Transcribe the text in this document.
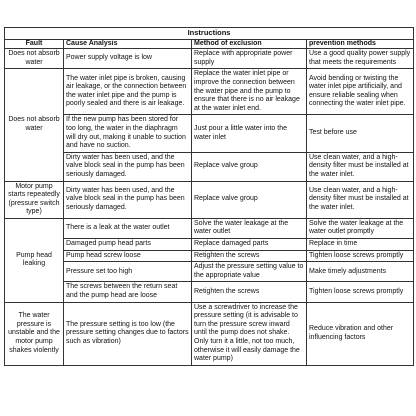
Instructions			
Fault	Cause Analysis	Method of exclusion	prevention methods
Does not absorb water	Power supply voltage is low	Replace with appropriate power supply	Use a good quality power supply that meets the requirements
Does not absorb water	The water inlet pipe is broken, causing air leakage, or the connection between the water inlet pipe and the pump is poorly sealed and there is air leakage.	Replace the water inlet pipe or improve the connection between the water pipe and the pump to ensure that there is no air leakage at the water inlet end.	Avoid bending or twisting the water inlet pipe artificially, and ensure reliable sealing when connecting the water inlet pipe.
	If the new pump has been stored for too long, the water in the diaphragm will dry out, making it unable to suction and have no suction.	Just pour a little water into the water inlet	Test before use
	Dirty water has been used, and the valve block seal in the pump has been seriously damaged.	Replace valve group	Use clean water, and a high-density filter must be installed at the water inlet.
Motor pump starts repeatedly (pressure switch type)	Dirty water has been used, and the valve block seal in the pump has been seriously damaged.	Replace valve group	Use clean water, and a high-density filter must be installed at the water inlet.
Pump head leaking	There is a leak at the water outlet	Solve the water leakage at the water outlet	Solve the water leakage at the water outlet promptly
	Damaged pump head parts	Replace damaged parts	Replace in time
	Pump head screw loose	Retighten the screws	Tighten loose screws promptly
	Pressure set too high	Adjust the pressure setting value to the appropriate value	Make timely adjustments
	The screws between the return seat and the pump head are loose	Retighten the screws	Tighten loose screws promptly
The water pressure is unstable and the motor pump shakes violently	The pressure setting is too low (the pressure setting changes due to factors such as vibration)	Use a screwdriver to increase the pressure setting (it is advisable to turn the pressure screw inward until the pump does not shake. Only turn it a little, not too much, otherwise it will easily damage the water pump)	Reduce vibration and other influencing factors
